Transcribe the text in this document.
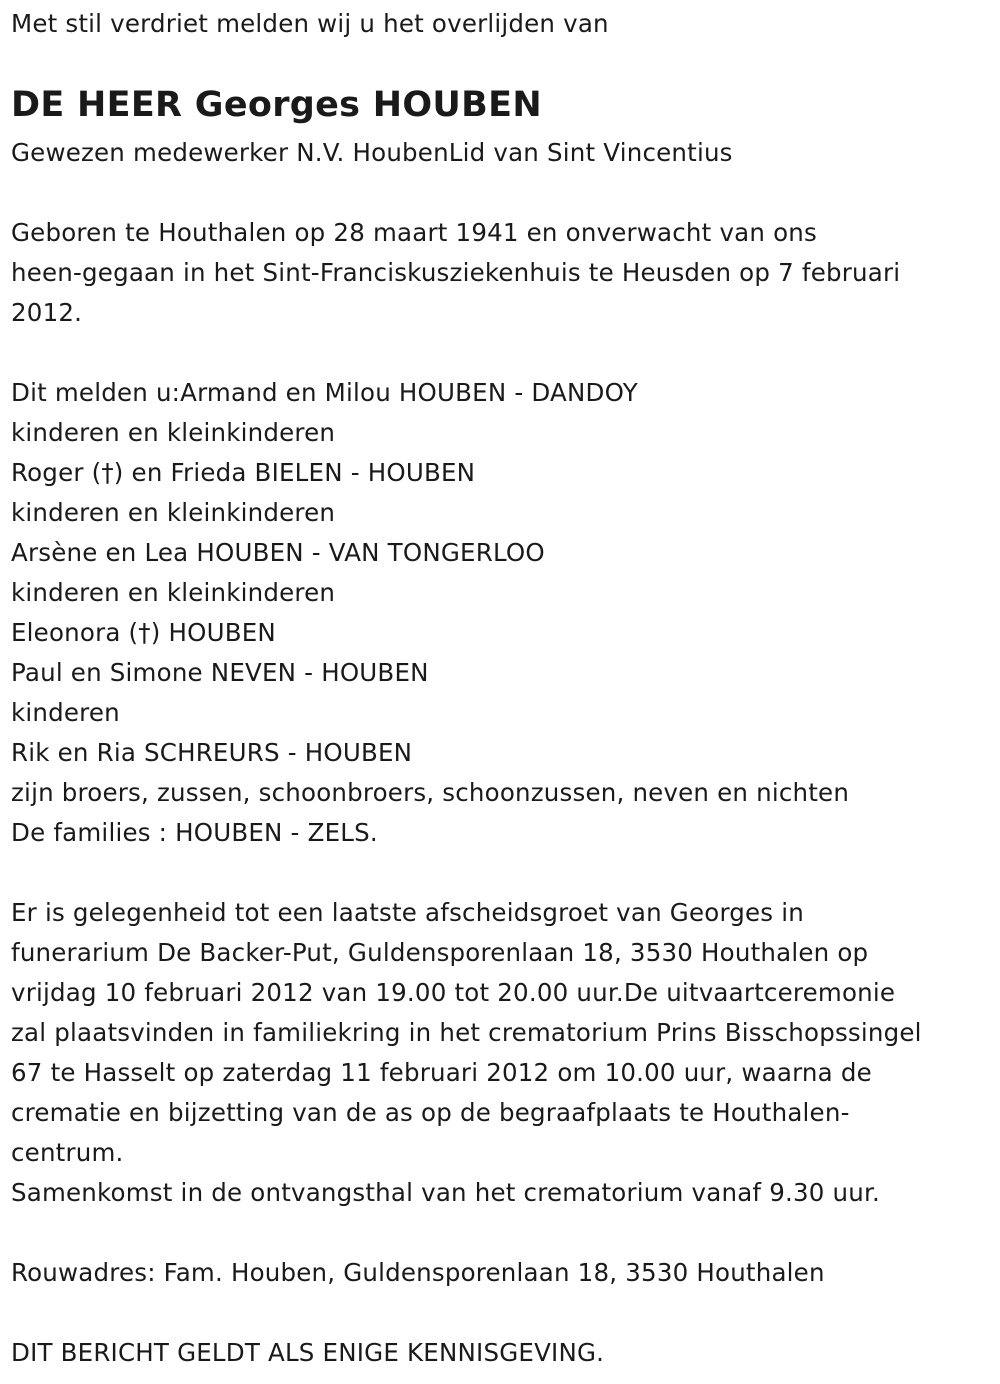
Met stil verdriet melden wij u het overlijden van
DE HEER Georges HOUBEN
Gewezen medewerker N.V. HoubenLid van Sint Vincentius
Geboren te Houthalen op 28 maart 1941 en onverwacht van ons
heen-gegaan in het Sint-Franciskusziekenhuis te Heusden op 7 februari
2012.
Dit melden u:Armand en Milou HOUBEN - DANDOY
kinderen en kleinkinderen
Roger (†) en Frieda BIELEN - HOUBEN
kinderen en kleinkinderen
Arsène en Lea HOUBEN - VAN TONGERLOO
kinderen en kleinkinderen
Eleonora (†) HOUBEN
Paul en Simone NEVEN - HOUBEN
kinderen
Rik en Ria SCHREURS - HOUBEN
zijn broers, zussen, schoonbroers, schoonzussen, neven en nichten
De families : HOUBEN - ZELS.
Er is gelegenheid tot een laatste afscheidsgroet van Georges in
funerarium De Backer-Put, Guldensporenlaan 18, 3530 Houthalen op
vrijdag 10 februari 2012 van 19.00 tot 20.00 uur.De uitvaartceremonie
zal plaatsvinden in familiekring in het crematorium Prins Bisschopssingel
67 te Hasselt op zaterdag 11 februari 2012 om 10.00 uur, waarna de
crematie en bijzetting van de as op de begraafplaats te Houthalen-
centrum.
Samenkomst in de ontvangsthal van het crematorium vanaf 9.30 uur.
Rouwadres: Fam. Houben, Guldensporenlaan 18, 3530 Houthalen
DIT BERICHT GELDT ALS ENIGE KENNISGEVING.
